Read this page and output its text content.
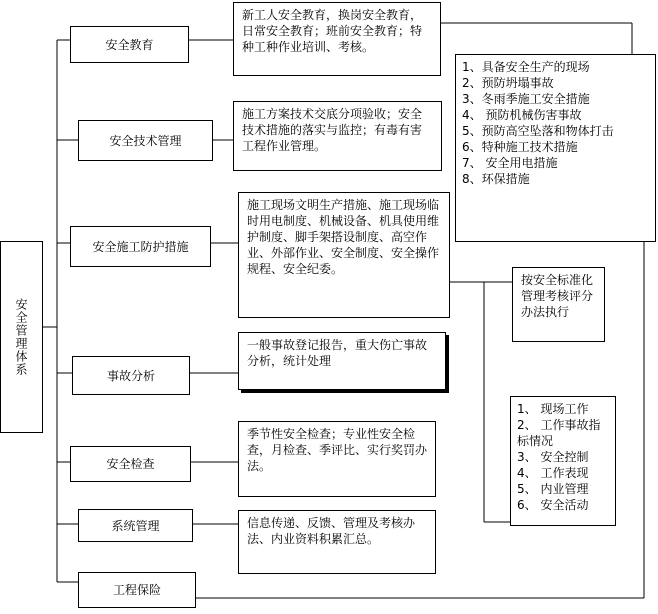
安全管理体系
安全教育
安全技术管理
安全施工防护措施
事故分析
安全检查
系统管理
工程保险
新工人安全教育，换岗安全教育，日常安全教育；班前安全教育；特种工种作业培训、考核。
施工方案技术交底分项验收；安全技术措施的落实与监控；有毒有害工程作业管理。
施工现场文明生产措施、施工现场临时用电制度、机械设备、机具使用维护制度、脚手架搭设制度、高空作业、外部作业、安全制度、安全操作规程、安全纪委。
一般事故登记报告，重大伤亡事故分析，统计处理
季节性安全检查；专业性安全检查，月检查、季评比、实行奖罚办法。
信息传递、反馈、管理及考核办法、内业资料积累汇总。
1、具备安全生产的现场
2、预防坍塌事故
3、冬雨季施工安全措施
4、 预防机械伤害事故
5、预防高空坠落和物体打击
6、特种施工技术措施
7、 安全用电措施
8、环保措施
按安全标准化管理考核评分办法执行
1、 现场工作
2、 工作事故指标情况
3、 安全控制
4、 工作表现
5、 内业管理
6、 安全活动
